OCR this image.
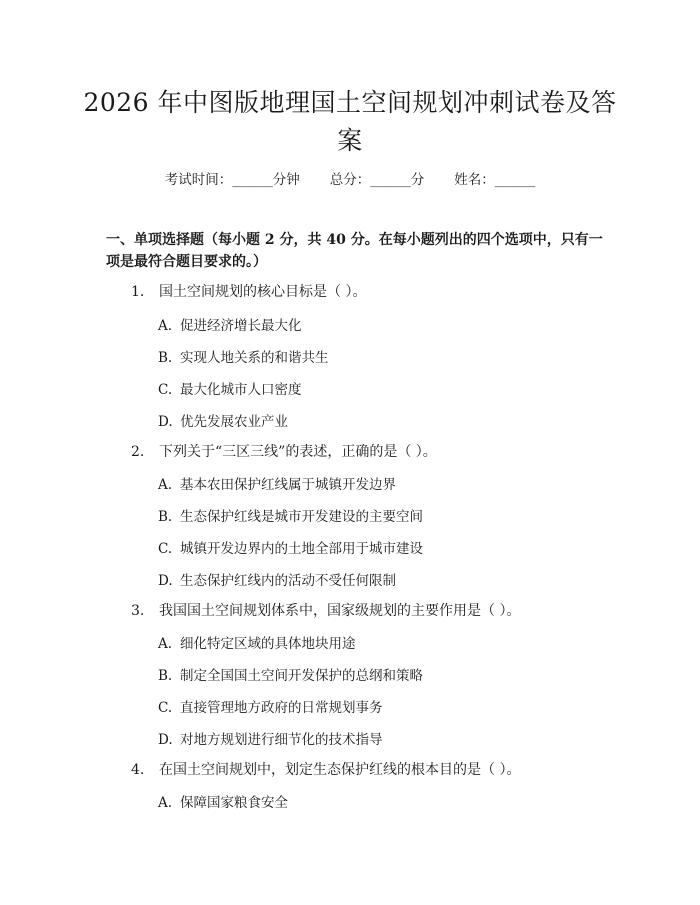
2026 年中图版地理国土空间规划冲刺试卷及答案
考试时间：______分钟 总分：______分 姓名：______

一、单项选择题（每小题 2 分，共 40 分。在每小题列出的四个选项中，只有一项是最符合题目要求的。）

1. 国土空间规划的核心目标是（ ）。
A. 促进经济增长最大化
B. 实现人地关系的和谐共生
C. 最大化城市人口密度
D. 优先发展农业产业
2. 下列关于“三区三线”的表述，正确的是（ ）。
A. 基本农田保护红线属于城镇开发边界
B. 生态保护红线是城市开发建设的主要空间
C. 城镇开发边界内的土地全部用于城市建设
D. 生态保护红线内的活动不受任何限制
3. 我国国土空间规划体系中，国家级规划的主要作用是（ ）。
A. 细化特定区域的具体地块用途
B. 制定全国国土空间开发保护的总纲和策略
C. 直接管理地方政府的日常规划事务
D. 对地方规划进行细节化的技术指导
4. 在国土空间规划中，划定生态保护红线的根本目的是（ ）。
A. 保障国家粮食安全
